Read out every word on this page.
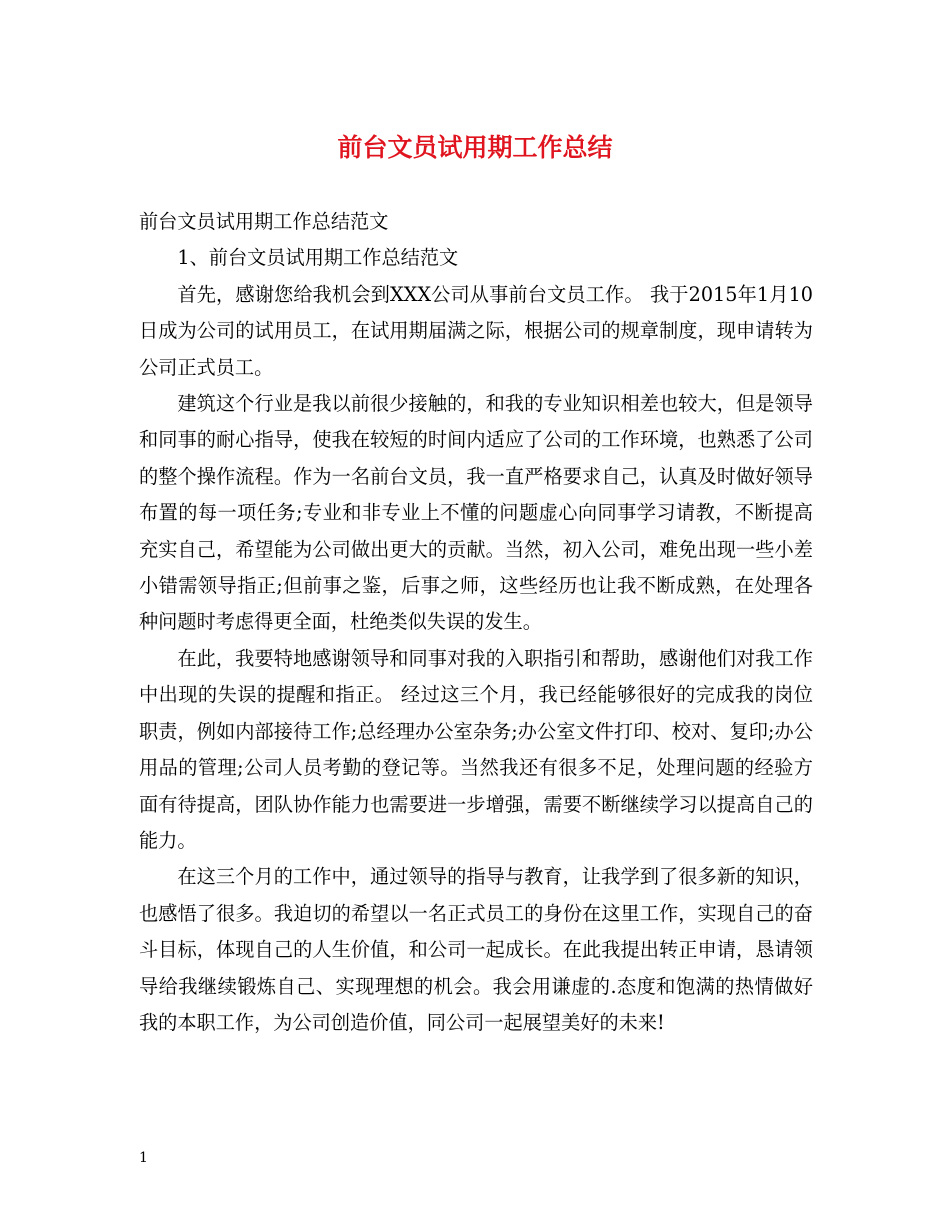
前台文员试用期工作总结

前台文员试用期工作总结范文

1、前台文员试用期工作总结范文

首先，感谢您给我机会到XXX公司从事前台文员工作。 我于2015年1月10日成为公司的试用员工，在试用期届满之际，根据公司的规章制度，现申请转为公司正式员工。

建筑这个行业是我以前很少接触的，和我的专业知识相差也较大，但是领导和同事的耐心指导，使我在较短的时间内适应了公司的工作环境，也熟悉了公司的整个操作流程。作为一名前台文员，我一直严格要求自己，认真及时做好领导布置的每一项任务;专业和非专业上不懂的问题虚心向同事学习请教，不断提高充实自己，希望能为公司做出更大的贡献。当然，初入公司，难免出现一些小差小错需领导指正;但前事之鉴，后事之师，这些经历也让我不断成熟，在处理各种问题时考虑得更全面，杜绝类似失误的发生。

在此，我要特地感谢领导和同事对我的入职指引和帮助，感谢他们对我工作中出现的失误的提醒和指正。 经过这三个月，我已经能够很好的完成我的岗位职责，例如内部接待工作;总经理办公室杂务;办公室文件打印、校对、复印;办公用品的管理;公司人员考勤的登记等。当然我还有很多不足，处理问题的经验方面有待提高，团队协作能力也需要进一步增强，需要不断继续学习以提高自己的能力。

在这三个月的工作中，通过领导的指导与教育，让我学到了很多新的知识，也感悟了很多。我迫切的希望以一名正式员工的身份在这里工作，实现自己的奋斗目标，体现自己的人生价值，和公司一起成长。在此我提出转正申请，恳请领导给我继续锻炼自己、实现理想的机会。我会用谦虚的.态度和饱满的热情做好我的本职工作，为公司创造价值，同公司一起展望美好的未来!

1
